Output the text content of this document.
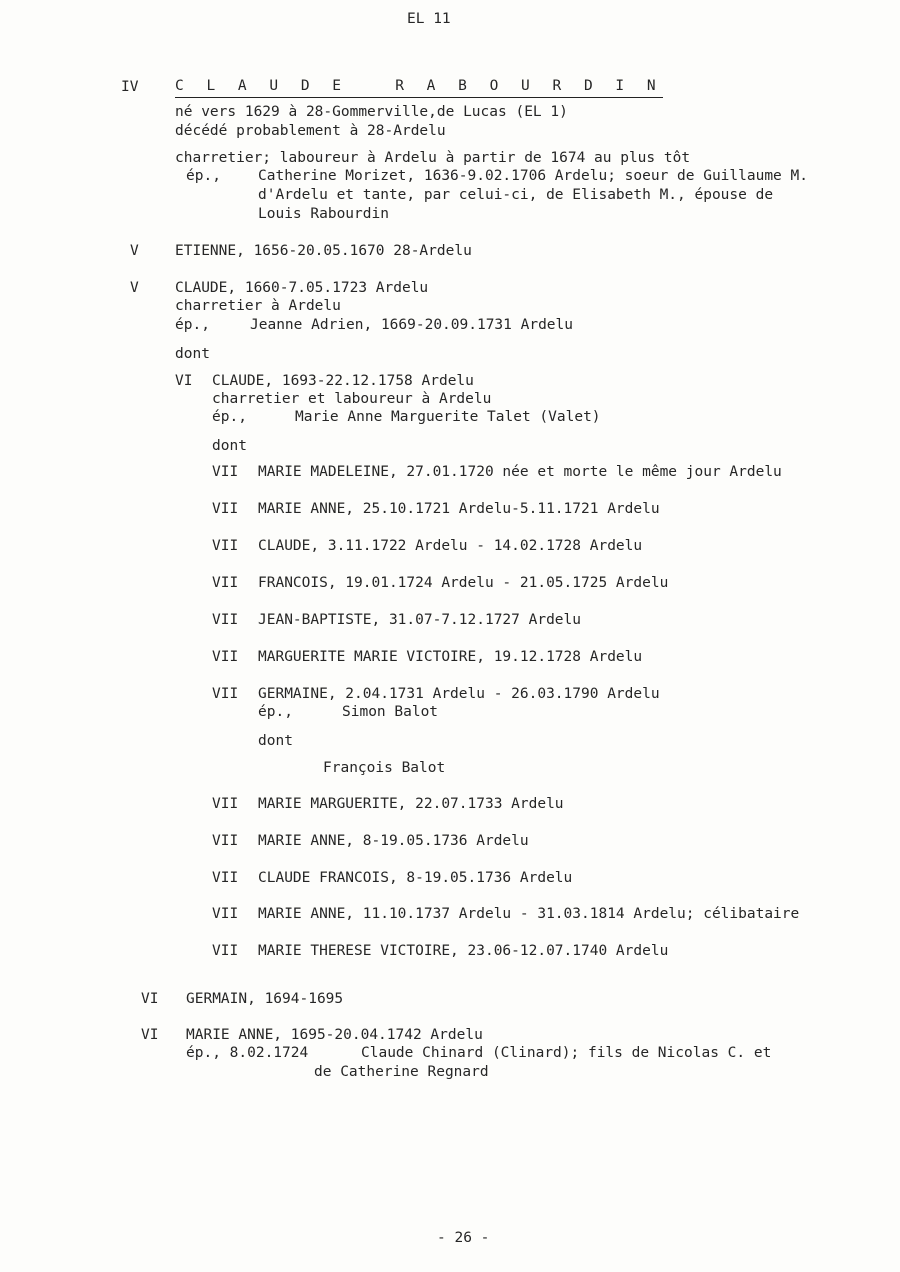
EL 11
IV	C L A U D E   R A B O U R D I N
né vers 1629 à 28-Gommerville,de Lucas (EL 1)
décédé probablement à 28-Ardelu
charretier; laboureur à Ardelu à partir de 1674 au plus tôt
ép.,	Catherine Morizet, 1636-9.02.1706 Ardelu; soeur de Guillaume M.
d'Ardelu et tante, par celui-ci, de Elisabeth M., épouse de
Louis Rabourdin
V	ETIENNE, 1656-20.05.1670 28-Ardelu
V	CLAUDE, 1660-7.05.1723 Ardelu
charretier à Ardelu
ép.,	Jeanne Adrien, 1669-20.09.1731 Ardelu
dont
VI CLAUDE, 1693-22.12.1758 Ardelu
charretier et laboureur à Ardelu
ép.,	Marie Anne Marguerite Talet (Valet)
dont
VII MARIE MADELEINE, 27.01.1720 née et morte le même jour Ardelu
VII MARIE ANNE, 25.10.1721 Ardelu-5.11.1721 Ardelu
VII CLAUDE, 3.11.1722 Ardelu - 14.02.1728 Ardelu
VII FRANCOIS, 19.01.1724 Ardelu - 21.05.1725 Ardelu
VII JEAN-BAPTISTE, 31.07-7.12.1727 Ardelu
VII MARGUERITE MARIE VICTOIRE, 19.12.1728 Ardelu
VII GERMAINE, 2.04.1731 Ardelu - 26.03.1790 Ardelu
ép.,	Simon Balot
dont
François Balot
VII MARIE MARGUERITE, 22.07.1733 Ardelu
VII MARIE ANNE, 8-19.05.1736 Ardelu
VII CLAUDE FRANCOIS, 8-19.05.1736 Ardelu
VII MARIE ANNE, 11.10.1737 Ardelu - 31.03.1814 Ardelu; célibataire
VII MARIE THERESE VICTOIRE, 23.06-12.07.1740 Ardelu
VI GERMAIN, 1694-1695
VI MARIE ANNE, 1695-20.04.1742 Ardelu
ép., 8.02.1724	Claude Chinard (Clinard); fils de Nicolas C. et
de Catherine Regnard
- 26 -
